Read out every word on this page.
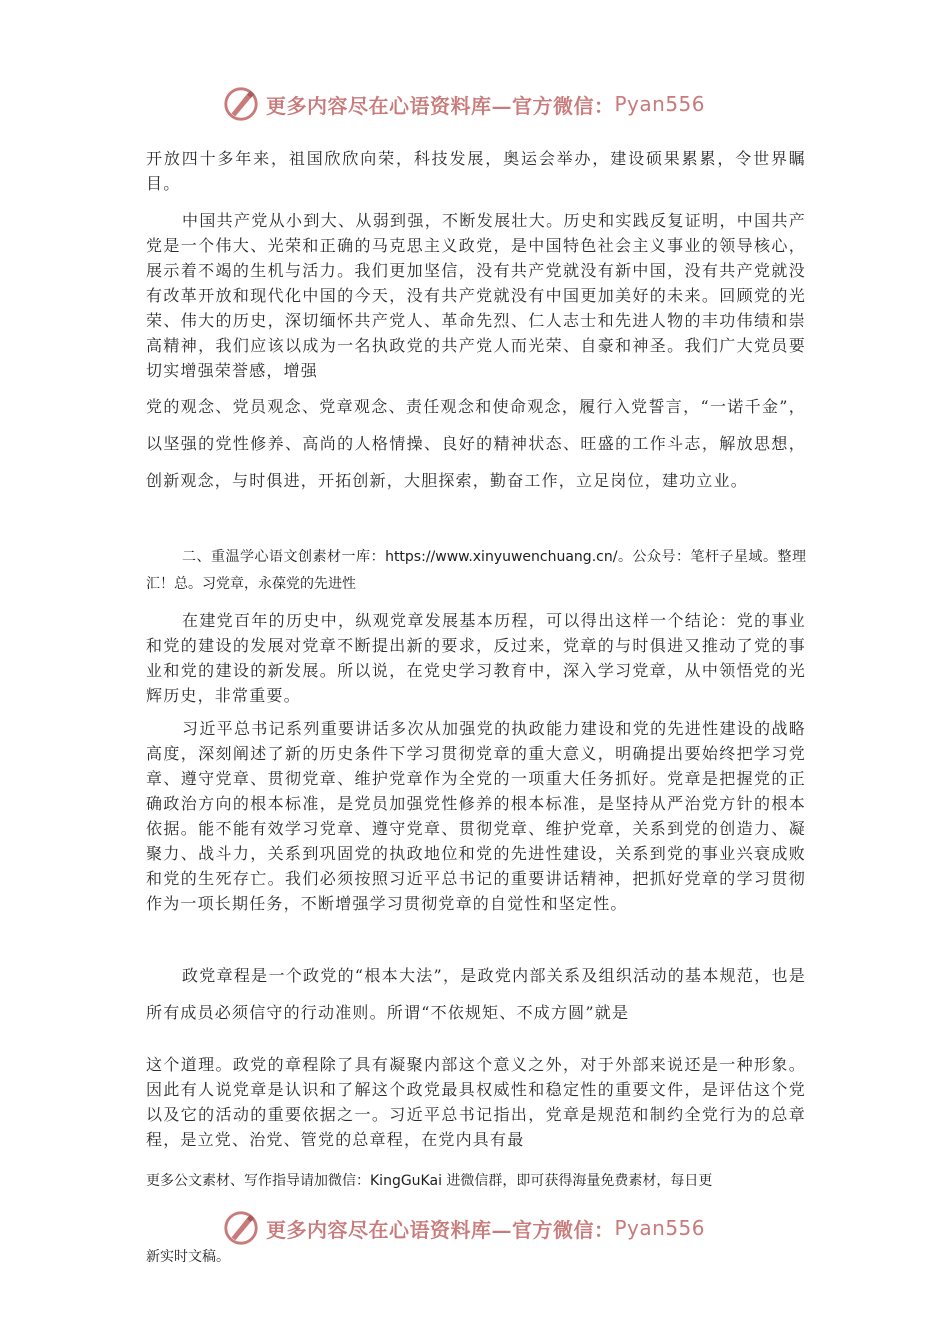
更多内容尽在心语资料库—官方微信： Pyan556

开放四十多年来，祖国欣欣向荣，科技发展，奥运会举办，建设硕果累累，令世界瞩目。

中国共产党从小到大、从弱到强，不断发展壮大。历史和实践反复证明，中国共产党是一个伟大、光荣和正确的马克思主义政党，是中国特色社会主义事业的领导核心，展示着不竭的生机与活力。我们更加坚信，没有共产党就没有新中国，没有共产党就没有改革开放和现代化中国的今天，没有共产党就没有中国更加美好的未来。回顾党的光荣、伟大的历史，深切缅怀共产党人、革命先烈、仁人志士和先进人物的丰功伟绩和崇高精神，我们应该以成为一名执政党的共产党人而光荣、自豪和神圣。我们广大党员要切实增强荣誉感，增强

党的观念、党员观念、党章观念、责任观念和使命观念，履行入党誓言，“一诺千金”，以坚强的党性修养、高尚的人格情操、良好的精神状态、旺盛的工作斗志，解放思想，创新观念，与时俱进，开拓创新，大胆探索，勤奋工作，立足岗位，建功立业。

二、重温学心语文创素材一库：https://www.xinyuwenchuang.cn/。公众号：笔杆子星域。整理汇！总。习党章，永葆党的先进性

在建党百年的历史中，纵观党章发展基本历程，可以得出这样一个结论：党的事业和党的建设的发展对党章不断提出新的要求，反过来，党章的与时俱进又推动了党的事业和党的建设的新发展。所以说，在党史学习教育中，深入学习党章，从中领悟党的光辉历史，非常重要。

习近平总书记系列重要讲话多次从加强党的执政能力建设和党的先进性建设的战略高度，深刻阐述了新的历史条件下学习贯彻党章的重大意义，明确提出要始终把学习党章、遵守党章、贯彻党章、维护党章作为全党的一项重大任务抓好。党章是把握党的正确政治方向的根本标准，是党员加强党性修养的根本标准，是坚持从严治党方针的根本依据。能不能有效学习党章、遵守党章、贯彻党章、维护党章，关系到党的创造力、凝聚力、战斗力，关系到巩固党的执政地位和党的先进性建设，关系到党的事业兴衰成败和党的生死存亡。我们必须按照习近平总书记的重要讲话精神，把抓好党章的学习贯彻作为一项长期任务，不断增强学习贯彻党章的自觉性和坚定性。

政党章程是一个政党的“根本大法”，是政党内部关系及组织活动的基本规范，也是所有成员必须信守的行动准则。所谓“不依规矩、不成方圆”就是

这个道理。政党的章程除了具有凝聚内部这个意义之外，对于外部来说还是一种形象。因此有人说党章是认识和了解这个政党最具权威性和稳定性的重要文件，是评估这个党以及它的活动的重要依据之一。习近平总书记指出，党章是规范和制约全党行为的总章程，是立党、治党、管党的总章程，在党内具有最

更多公文素材、写作指导请加微信：KingGuKai 进微信群，即可获得海量免费素材，每日更

更多内容尽在心语资料库—官方微信： Pyan556

新实时文稿。
